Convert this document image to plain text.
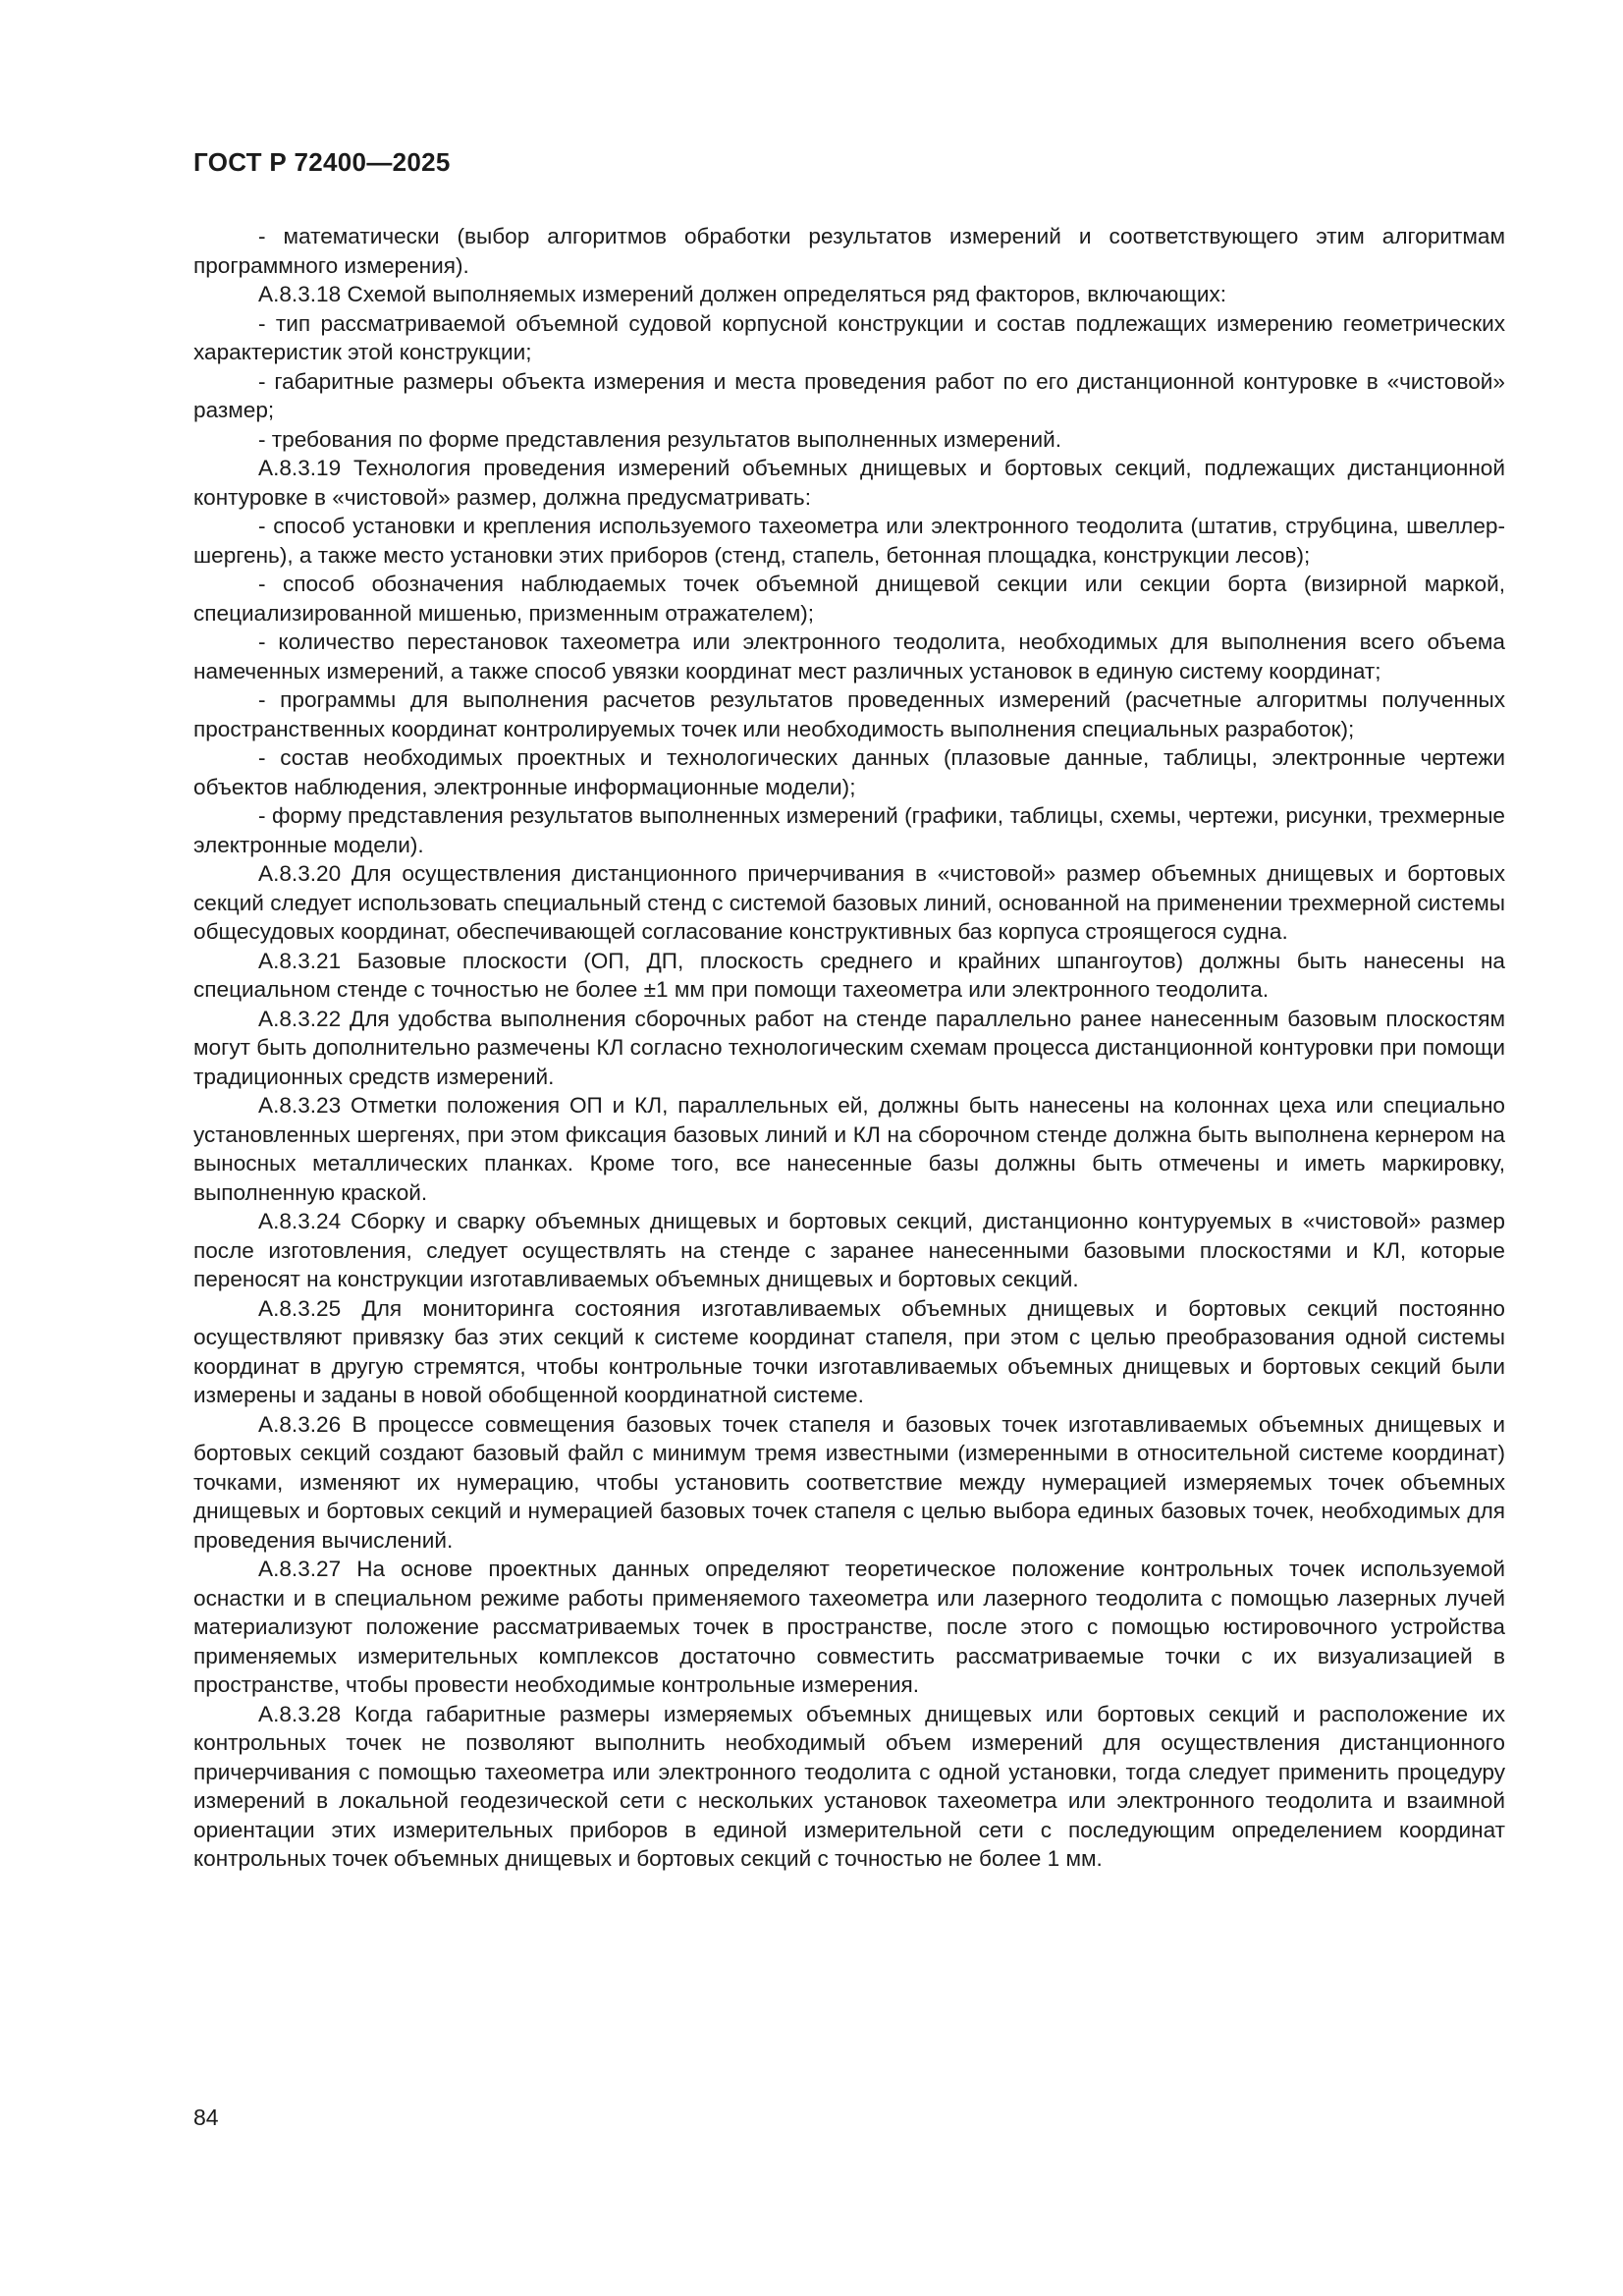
ГОСТ Р 72400—2025

- математически (выбор алгоритмов обработки результатов измерений и соответствующего этим алгоритмам программного измерения).

А.8.3.18 Схемой выполняемых измерений должен определяться ряд факторов, включающих:

- тип рассматриваемой объемной судовой корпусной конструкции и состав подлежащих измерению геометрических характеристик этой конструкции;

- габаритные размеры объекта измерения и места проведения работ по его дистанционной контуровке в «чистовой» размер;

- требования по форме представления результатов выполненных измерений.

А.8.3.19 Технология проведения измерений объемных днищевых и бортовых секций, подлежащих дистанционной контуровке в «чистовой» размер, должна предусматривать:

- способ установки и крепления используемого тахеометра или электронного теодолита (штатив, струбцина, швеллер-шергень), а также место установки этих приборов (стенд, стапель, бетонная площадка, конструкции лесов);

- способ обозначения наблюдаемых точек объемной днищевой секции или секции борта (визирной маркой, специализированной мишенью, призменным отражателем);

- количество перестановок тахеометра или электронного теодолита, необходимых для выполнения всего объема намеченных измерений, а также способ увязки координат мест различных установок в единую систему координат;

- программы для выполнения расчетов результатов проведенных измерений (расчетные алгоритмы полученных пространственных координат контролируемых точек или необходимость выполнения специальных разработок);

- состав необходимых проектных и технологических данных (плазовые данные, таблицы, электронные чертежи объектов наблюдения, электронные информационные модели);

- форму представления результатов выполненных измерений (графики, таблицы, схемы, чертежи, рисунки, трехмерные электронные модели).

А.8.3.20 Для осуществления дистанционного причерчивания в «чистовой» размер объемных днищевых и бортовых секций следует использовать специальный стенд с системой базовых линий, основанной на применении трехмерной системы общесудовых координат, обеспечивающей согласование конструктивных баз корпуса строящегося судна.

А.8.3.21 Базовые плоскости (ОП, ДП, плоскость среднего и крайних шпангоутов) должны быть нанесены на специальном стенде с точностью не более ±1 мм при помощи тахеометра или электронного теодолита.

А.8.3.22 Для удобства выполнения сборочных работ на стенде параллельно ранее нанесенным базовым плоскостям могут быть дополнительно размечены КЛ согласно технологическим схемам процесса дистанционной контуровки при помощи традиционных средств измерений.

А.8.3.23 Отметки положения ОП и КЛ, параллельных ей, должны быть нанесены на колоннах цеха или специально установленных шергенях, при этом фиксация базовых линий и КЛ на сборочном стенде должна быть выполнена кернером на выносных металлических планках. Кроме того, все нанесенные базы должны быть отмечены и иметь маркировку, выполненную краской.

А.8.3.24 Сборку и сварку объемных днищевых и бортовых секций, дистанционно контуруемых в «чистовой» размер после изготовления, следует осуществлять на стенде с заранее нанесенными базовыми плоскостями и КЛ, которые переносят на конструкции изготавливаемых объемных днищевых и бортовых секций.

А.8.3.25 Для мониторинга состояния изготавливаемых объемных днищевых и бортовых секций постоянно осуществляют привязку баз этих секций к системе координат стапеля, при этом с целью преобразования одной системы координат в другую стремятся, чтобы контрольные точки изготавливаемых объемных днищевых и бортовых секций были измерены и заданы в новой обобщенной координатной системе.

А.8.3.26 В процессе совмещения базовых точек стапеля и базовых точек изготавливаемых объемных днищевых и бортовых секций создают базовый файл с минимум тремя известными (измеренными в относительной системе координат) точками, изменяют их нумерацию, чтобы установить соответствие между нумерацией измеряемых точек объемных днищевых и бортовых секций и нумерацией базовых точек стапеля с целью выбора единых базовых точек, необходимых для проведения вычислений.

А.8.3.27 На основе проектных данных определяют теоретическое положение контрольных точек используемой оснастки и в специальном режиме работы применяемого тахеометра или лазерного теодолита с помощью лазерных лучей материализуют положение рассматриваемых точек в пространстве, после этого с помощью юстировочного устройства применяемых измерительных комплексов достаточно совместить рассматриваемые точки с их визуализацией в пространстве, чтобы провести необходимые контрольные измерения.

А.8.3.28 Когда габаритные размеры измеряемых объемных днищевых или бортовых секций и расположение их контрольных точек не позволяют выполнить необходимый объем измерений для осуществления дистанционного причерчивания с помощью тахеометра или электронного теодолита с одной установки, тогда следует применить процедуру измерений в локальной геодезической сети с нескольких установок тахеометра или электронного теодолита и взаимной ориентации этих измерительных приборов в единой измерительной сети с последующим определением координат контрольных точек объемных днищевых и бортовых секций с точностью не более 1 мм.

84
